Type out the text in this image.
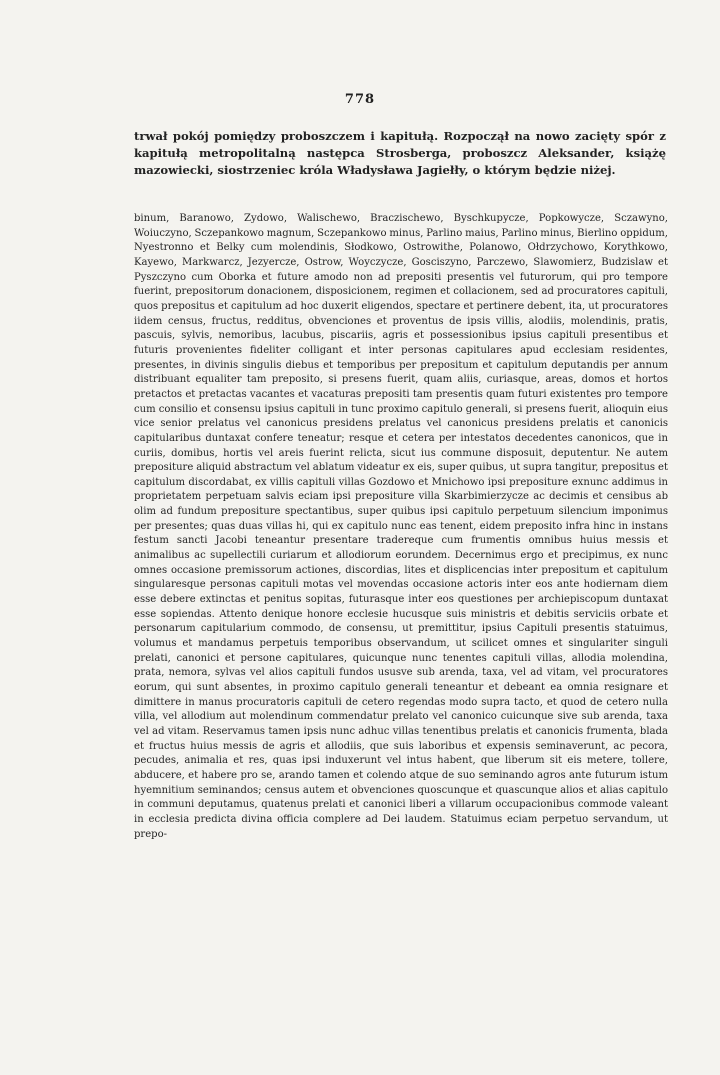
778

trwał pokój pomiędzy proboszczem i kapitułą. Rozpoczął na nowo zacięty spór z kapitułą metropolitalną następca Strosberga, proboszcz Aleksander, książę mazowiecki, siostrzeniec króla Władysława Jagiełły, o którym będzie niżej.

binum, Baranowo, Zydowo, Walischewo, Braczischewo, Byschkupycze, Popkowycze, Sczawyno, Woiuczyno, Sczepankowo magnum, Sczepankowo minus, Parlino maius, Parlino minus, Bierlino oppidum, Nyestronno et Belky cum molendinis, Słodkowo, Ostrowithe, Polanowo, Ołdrzychowo, Korythkowo, Kayewo, Markwarcz, Jezyercze, Ostrow, Woyczycze, Gosciszyno, Parczewo, Slawomierz, Budzislaw et Pyszczyno cum Oborka et future amodo non ad prepositi presentis vel futurorum, qui pro tempore fuerint, prepositorum donacionem, disposicionem, regimen et collacionem, sed ad procuratores capituli, quos prepositus et capitulum ad hoc duxerit eligendos, spectare et pertinere debent, ita, ut procuratores iidem census, fructus, redditus, obvenciones et proventus de ipsis villis, alodiis, molendinis, pratis, pascuis, sylvis, nemoribus, lacubus, piscariis, agris et possessionibus ipsius capituli presentibus et futuris provenientes fideliter colligant et inter personas capitulares apud ecclesiam residentes, presentes, in divinis singulis diebus et temporibus per prepositum et capitulum deputandis per annum distribuant equaliter tam preposito, si presens fuerit, quam aliis, curiasque, areas, domos et hortos pretactos et pretactas vacantes et vacaturas prepositi tam presentis quam futuri existentes pro tempore cum consilio et consensu ipsius capituli in tunc proximo capitulo generali, si presens fuerit, alioquin eius vice senior prelatus vel canonicus presidens prelatus vel canonicus presidens prelatis et canonicis capitularibus duntaxat confere teneatur; resque et cetera per intestatos decedentes canonicos, que in curiis, domibus, hortis vel areis fuerint relicta, sicut ius commune disposuit, deputentur. Ne autem prepositure aliquid abstractum vel ablatum videatur ex eis, super quibus, ut supra tangitur, prepositus et capitulum discordabat, ex villis capituli villas Gozdowo et Mnichowo ipsi prepositure exnunc addimus in proprietatem perpetuam salvis eciam ipsi prepositure villa Skarbimierzycze ac decimis et censibus ab olim ad fundum prepositure spectantibus, super quibus ipsi capitulo perpetuum silencium imponimus per presentes; quas duas villas hi, qui ex capitulo nunc eas tenent, eidem preposito infra hinc in instans festum sancti Jacobi teneantur presentare tradereque cum frumentis omnibus huius messis et animalibus ac supellectili curiarum et allodiorum eorundem. Decernimus ergo et precipimus, ex nunc omnes occasione premissorum actiones, discordias, lites et displicencias inter prepositum et capitulum singularesque personas capituli motas vel movendas occasione actoris inter eos ante hodiernam diem esse debere extinctas et penitus sopitas, futurasque inter eos questiones per archiepiscopum duntaxat esse sopiendas. Attento denique honore ecclesie hucusque suis ministris et debitis serviciis orbate et personarum capitularium commodo, de consensu, ut premittitur, ipsius Capituli presentis statuimus, volumus et mandamus perpetuis temporibus observandum, ut scilicet omnes et singulariter singuli prelati, canonici et persone capitulares, quicunque nunc tenentes capituli villas, allodia molendina, prata, nemora, sylvas vel alios capituli fundos ususve sub arenda, taxa, vel ad vitam, vel procuratores eorum, qui sunt absentes, in proximo capitulo generali teneantur et debeant ea omnia resignare et dimittere in manus procuratoris capituli de cetero regendas modo supra tacto, et quod de cetero nulla villa, vel allodium aut molendinum commendatur prelato vel canonico cuicunque sive sub arenda, taxa vel ad vitam. Reservamus tamen ipsis nunc adhuc villas tenentibus prelatis et canonicis frumenta, blada et fructus huius messis de agris et allodiis, que suis laboribus et expensis seminaverunt, ac pecora, pecudes, animalia et res, quas ipsi induxerunt vel intus habent, que liberum sit eis metere, tollere, abducere, et habere pro se, arando tamen et colendo atque de suo seminando agros ante futurum istum hyemnitium seminandos; census autem et obvenciones quoscunque et quascunque alios et alias capitulo in communi deputamus, quatenus prelati et canonici liberi a villarum occupacionibus commode valeant in ecclesia predicta divina officia complere ad Dei laudem. Statuimus eciam perpetuo servandum, ut prepo-
